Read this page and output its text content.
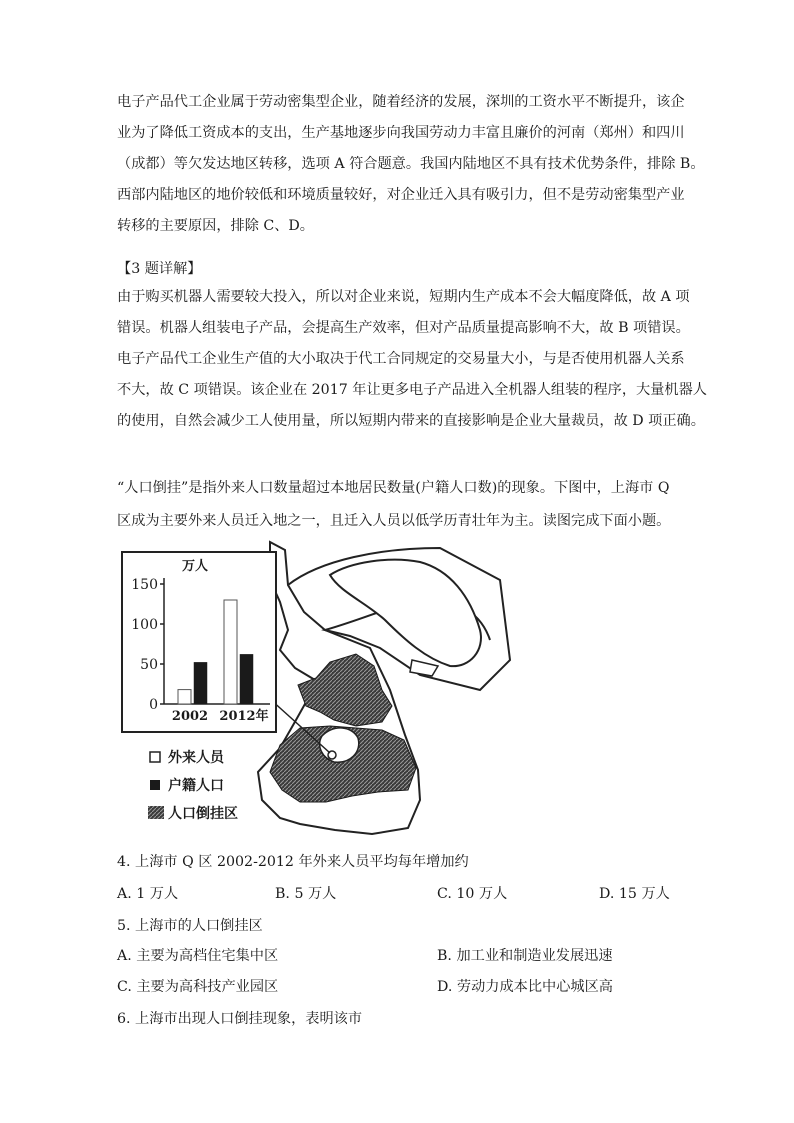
电子产品代工企业属于劳动密集型企业，随着经济的发展，深圳的工资水平不断提升，该企
业为了降低工资成本的支出，生产基地逐步向我国劳动力丰富且廉价的河南（郑州）和四川
（成都）等欠发达地区转移，选项 A 符合题意。我国内陆地区不具有技术优势条件，排除 B。
西部内陆地区的地价较低和环境质量较好，对企业迁入具有吸引力，但不是劳动密集型产业
转移的主要原因，排除 C、D。
【3 题详解】
由于购买机器人需要较大投入，所以对企业来说，短期内生产成本不会大幅度降低，故 A 项
错误。机器人组装电子产品，会提高生产效率，但对产品质量提高影响不大，故 B 项错误。
电子产品代工企业生产值的大小取决于代工合同规定的交易量大小，与是否使用机器人关系
不大，故 C 项错误。该企业在 2017 年让更多电子产品进入全机器人组装的程序，大量机器人
的使用，自然会减少工人使用量，所以短期内带来的直接影响是企业大量裁员，故 D 项正确。
“人口倒挂”是指外来人口数量超过本地居民数量(户籍人口数)的现象。下图中，上海市 Q
区成为主要外来人员迁入地之一，且迁入人员以低学历青壮年为主。读图完成下面小题。
万人
0
50
100
150
2002 2012年
外来人员
户籍人口
人口倒挂区
4. 上海市 Q 区 2002-2012 年外来人员平均每年增加约
A. 1 万人	B. 5 万人	C. 10 万人	D. 15 万人
5. 上海市的人口倒挂区
A. 主要为高档住宅集中区	B. 加工业和制造业发展迅速
C. 主要为高科技产业园区	D. 劳动力成本比中心城区高
6. 上海市出现人口倒挂现象，表明该市
